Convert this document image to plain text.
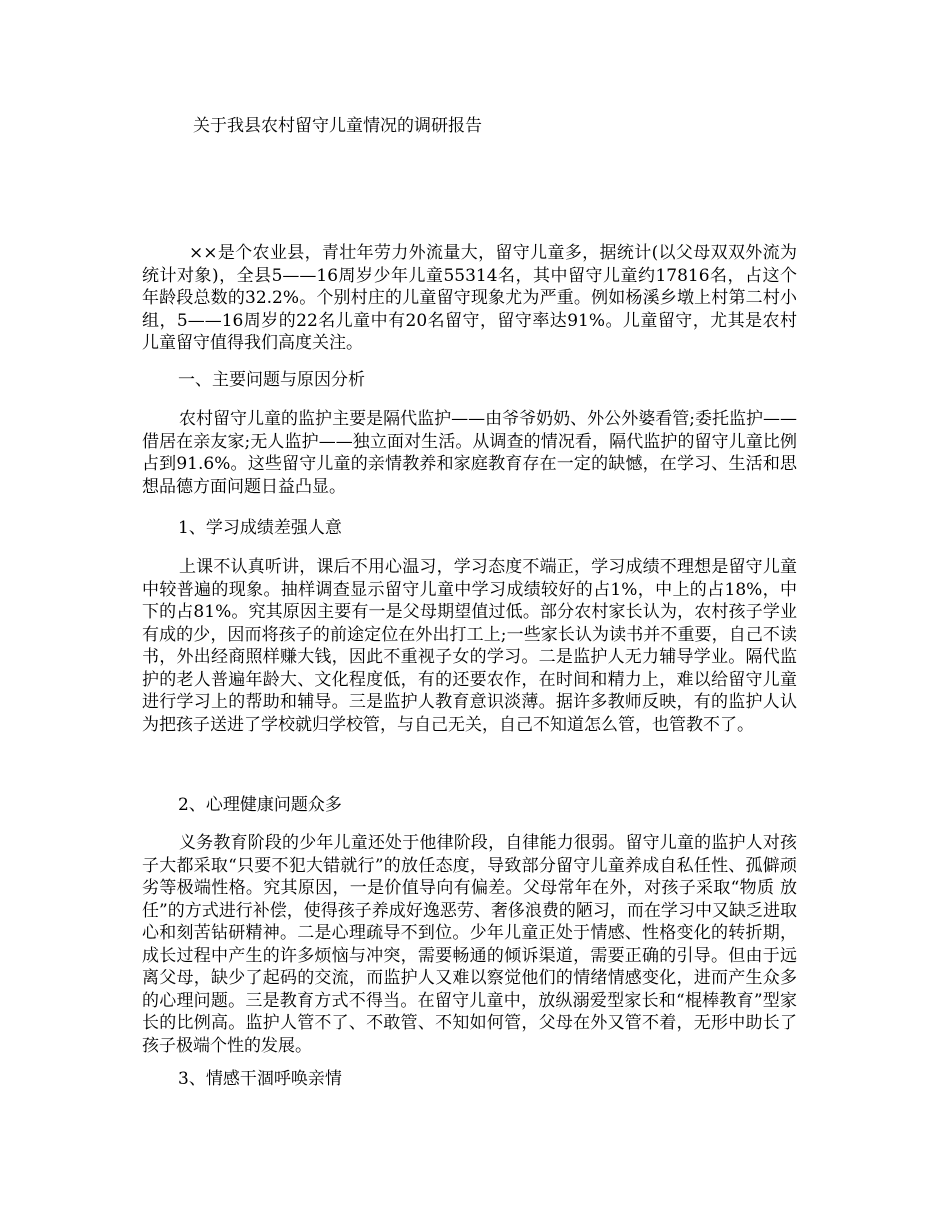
关于我县农村留守儿童情况的调研报告

××是个农业县，青壮年劳力外流量大，留守儿童多，据统计(以父母双双外流为统计对象)，全县5——16周岁少年儿童55314名，其中留守儿童约17816名，占这个年龄段总数的32.2%。个别村庄的儿童留守现象尤为严重。例如杨溪乡墩上村第二村小组，5——16周岁的22名儿童中有20名留守，留守率达91%。儿童留守，尤其是农村儿童留守值得我们高度关注。

一、主要问题与原因分析

农村留守儿童的监护主要是隔代监护——由爷爷奶奶、外公外婆看管;委托监护——借居在亲友家;无人监护——独立面对生活。从调查的情况看，隔代监护的留守儿童比例占到91.6%。这些留守儿童的亲情教养和家庭教育存在一定的缺憾，在学习、生活和思想品德方面问题日益凸显。

1、学习成绩差强人意

上课不认真听讲，课后不用心温习，学习态度不端正，学习成绩不理想是留守儿童中较普遍的现象。抽样调查显示留守儿童中学习成绩较好的占1%，中上的占18%，中下的占81%。究其原因主要有一是父母期望值过低。部分农村家长认为，农村孩子学业有成的少，因而将孩子的前途定位在外出打工上;一些家长认为读书并不重要，自己不读书，外出经商照样赚大钱，因此不重视子女的学习。二是监护人无力辅导学业。隔代监护的老人普遍年龄大、文化程度低，有的还要农作，在时间和精力上，难以给留守儿童进行学习上的帮助和辅导。三是监护人教育意识淡薄。据许多教师反映，有的监护人认为把孩子送进了学校就归学校管，与自己无关，自己不知道怎么管，也管教不了。

2、心理健康问题众多

义务教育阶段的少年儿童还处于他律阶段，自律能力很弱。留守儿童的监护人对孩子大都采取“只要不犯大错就行”的放任态度，导致部分留守儿童养成自私任性、孤僻顽劣等极端性格。究其原因，一是价值导向有偏差。父母常年在外，对孩子采取“物质 放任”的方式进行补偿，使得孩子养成好逸恶劳、奢侈浪费的陋习，而在学习中又缺乏进取心和刻苦钻研精神。二是心理疏导不到位。少年儿童正处于情感、性格变化的转折期，成长过程中产生的许多烦恼与冲突，需要畅通的倾诉渠道，需要正确的引导。但由于远离父母，缺少了起码的交流，而监护人又难以察觉他们的情绪情感变化，进而产生众多的心理问题。三是教育方式不得当。在留守儿童中，放纵溺爱型家长和“棍棒教育”型家长的比例高。监护人管不了、不敢管、不知如何管，父母在外又管不着，无形中助长了孩子极端个性的发展。

3、情感干涸呼唤亲情
